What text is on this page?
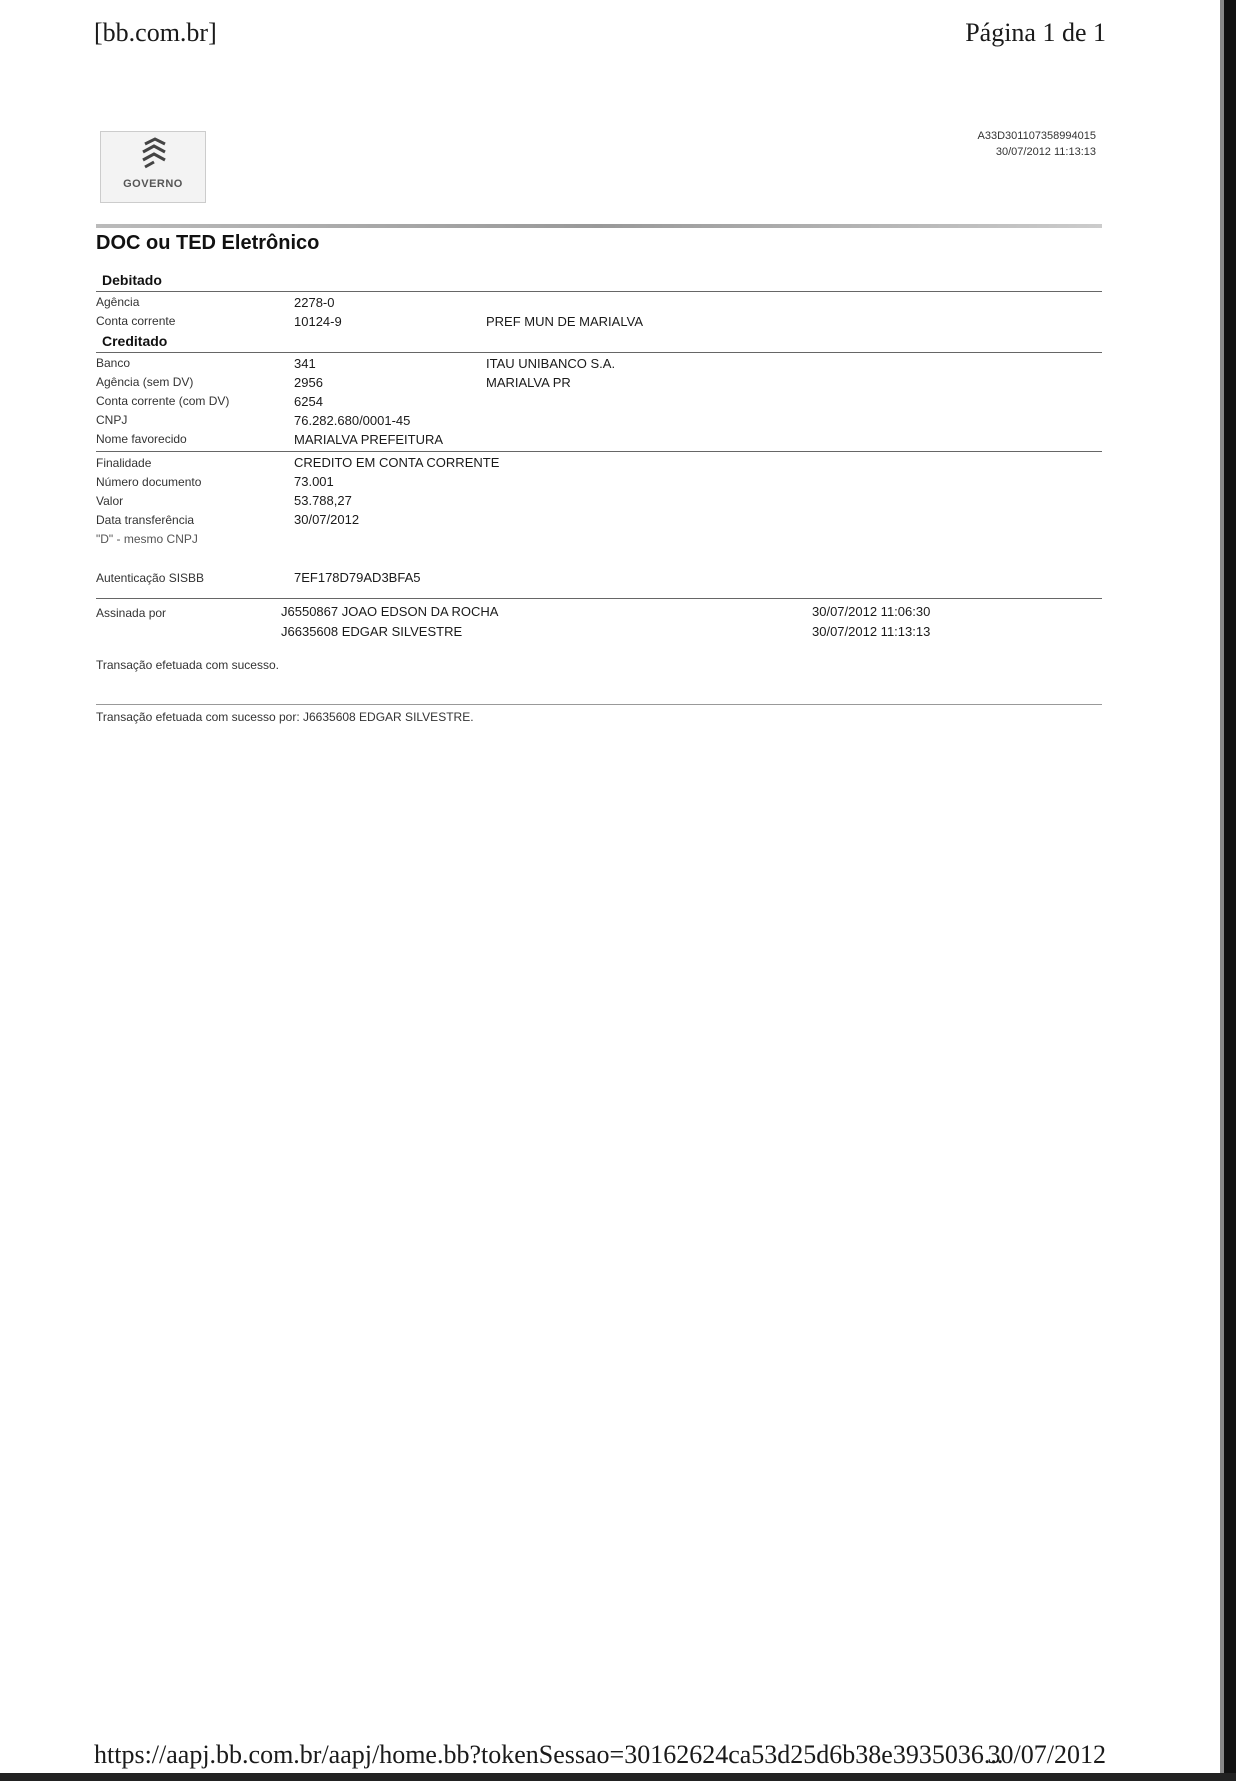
[bb.com.br]	Página 1 de 1
GOVERNO
A33D301107358994015
30/07/2012 11:13:13
DOC ou TED Eletrônico
Debitado
Agência	2278-0
Conta corrente	10124-9	PREF MUN DE MARIALVA
Creditado
Banco	341	ITAU UNIBANCO S.A.
Agência (sem DV)	2956	MARIALVA PR
Conta corrente (com DV)	6254
CNPJ	76.282.680/0001-45
Nome favorecido	MARIALVA PREFEITURA
Finalidade	CREDITO EM CONTA CORRENTE
Número documento	73.001
Valor	53.788,27
Data transferência	30/07/2012
"D" - mesmo CNPJ
Autenticação SISBB	7EF178D79AD3BFA5
Assinada por	J6550867 JOAO EDSON DA ROCHA	30/07/2012 11:06:30
J6635608 EDGAR SILVESTRE	30/07/2012 11:13:13
Transação efetuada com sucesso.
Transação efetuada com sucesso por: J6635608 EDGAR SILVESTRE.
https://aapj.bb.com.br/aapj/home.bb?tokenSessao=30162624ca53d25d6b38e3935036...
30/07/2012
